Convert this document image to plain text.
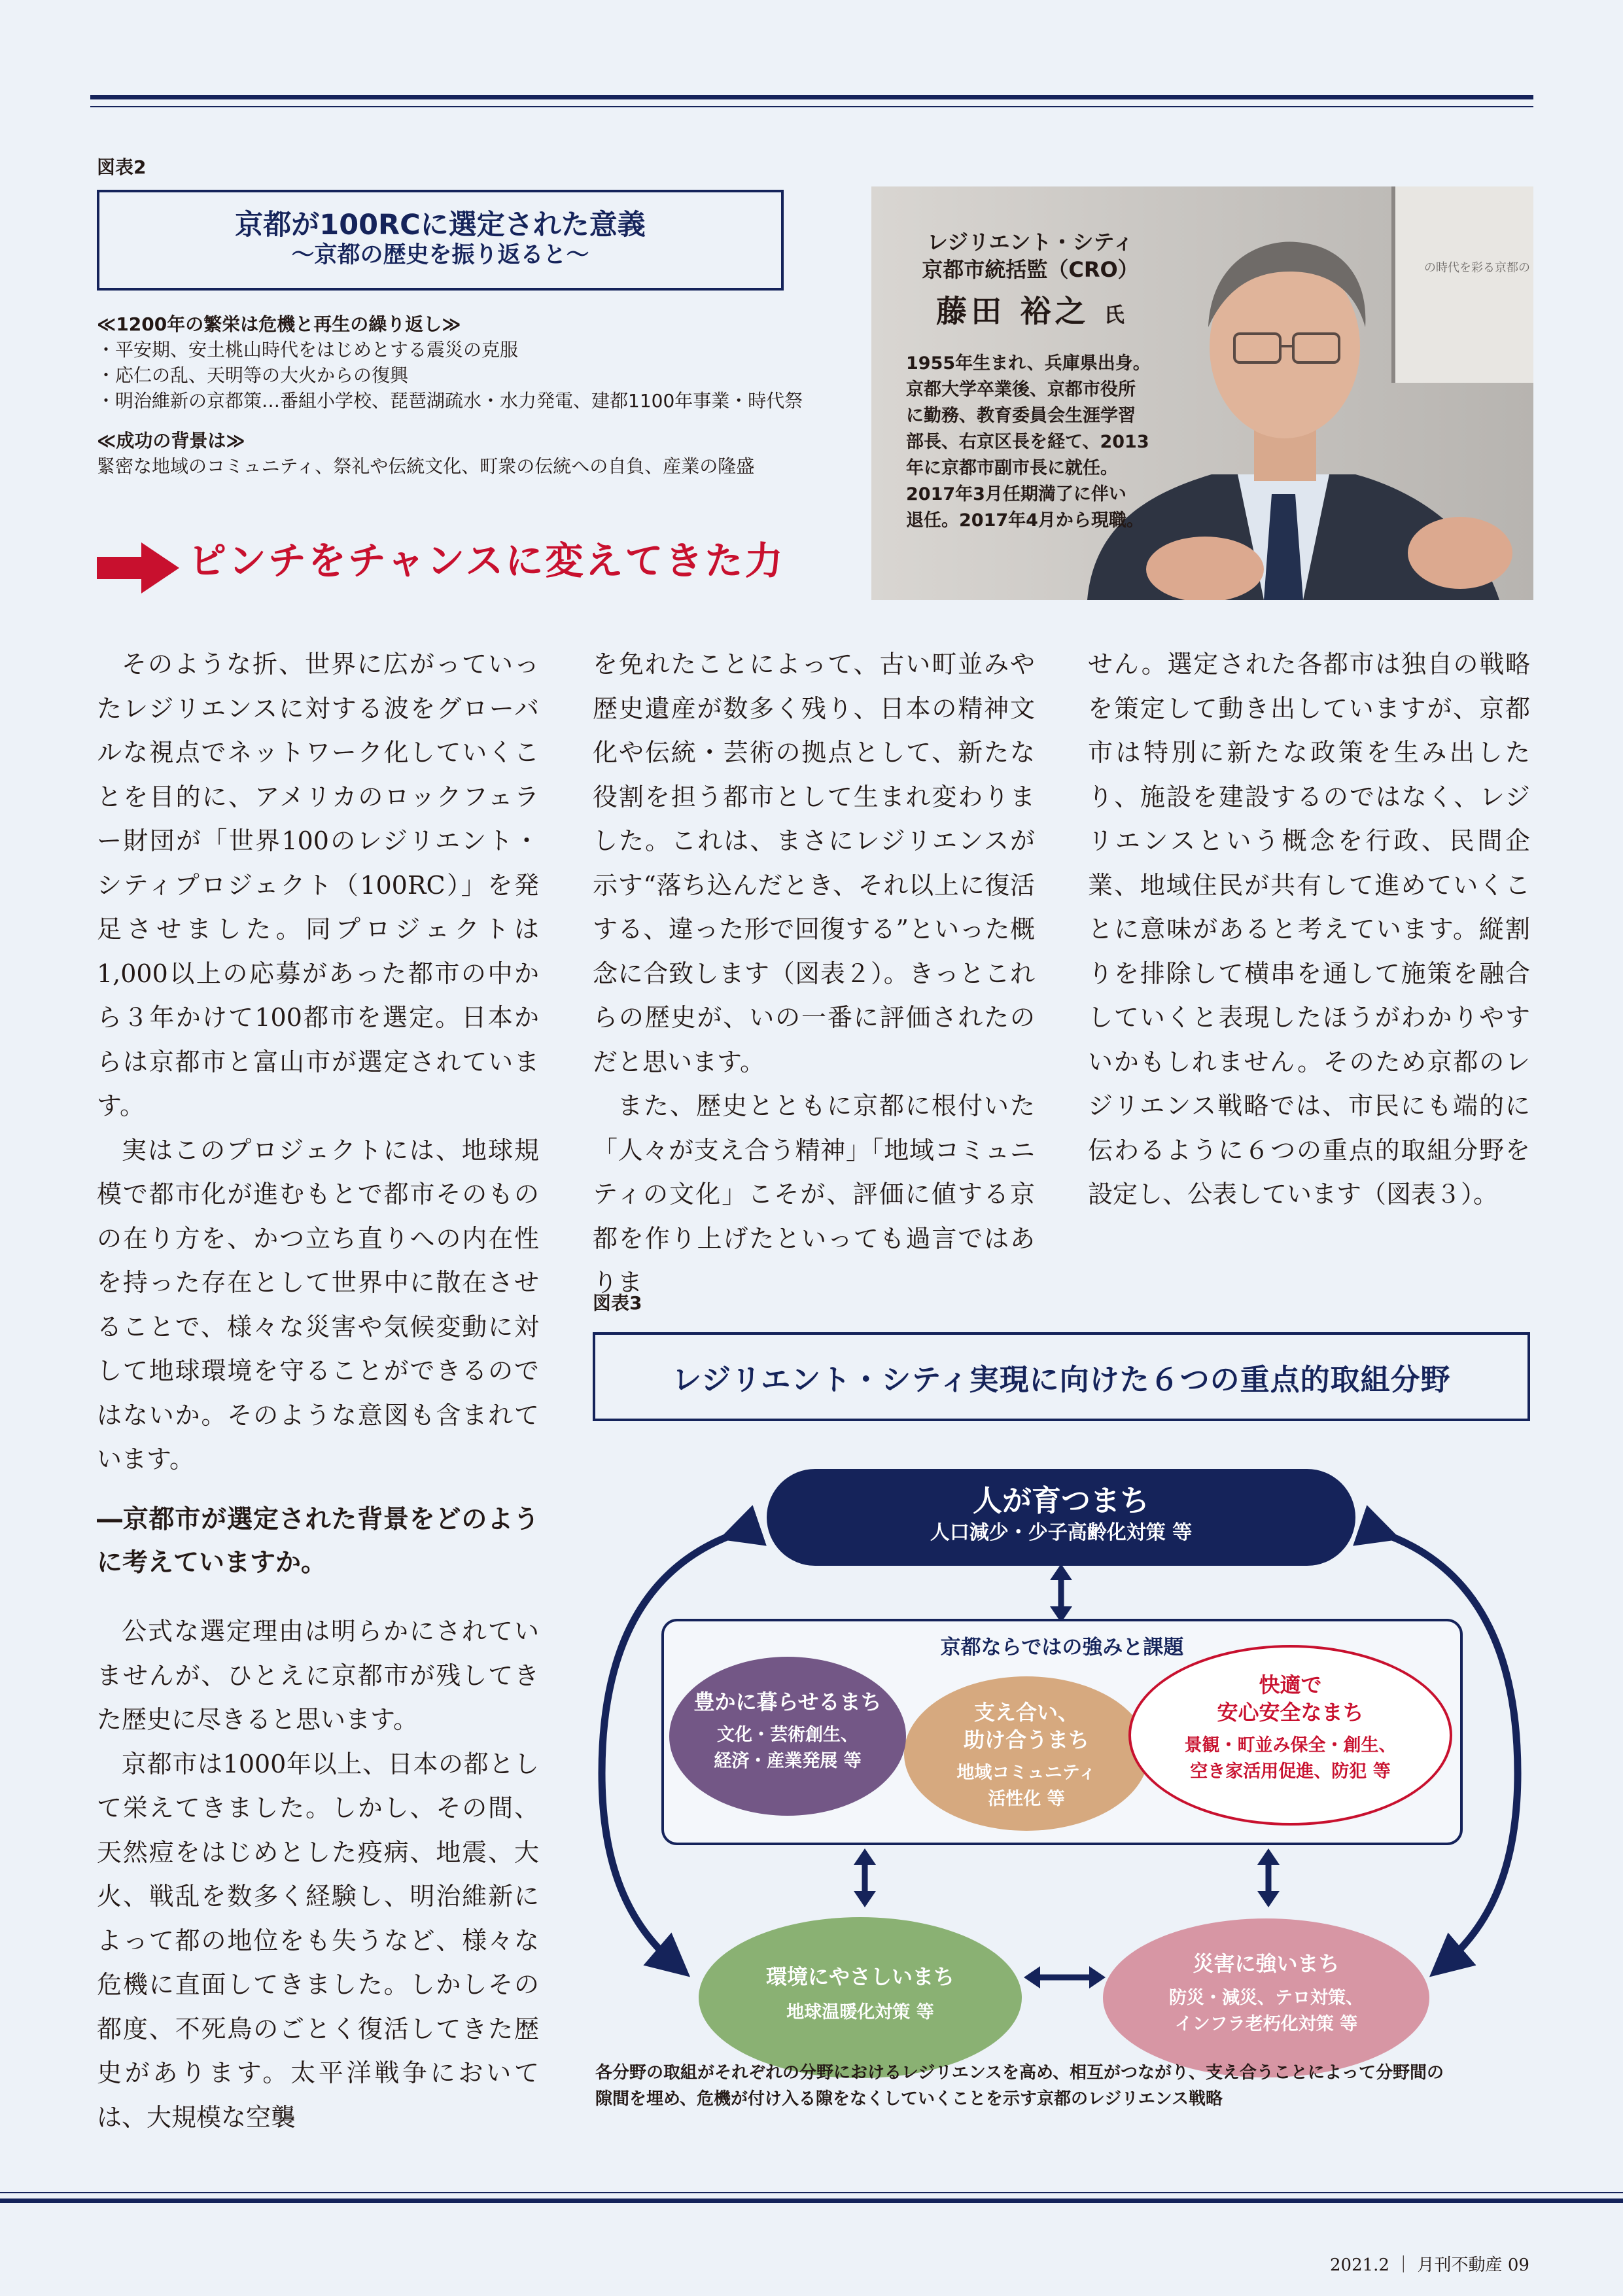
図表2
京都が100RCに選定された意義
～京都の歴史を振り返ると～
≪1200年の繁栄は危機と再生の繰り返し≫
・平安期、安土桃山時代をはじめとする震災の克服
・応仁の乱、天明等の大火からの復興
・明治維新の京都策…番組小学校、琵琶湖疏水・水力発電、建都1100年事業・時代祭
≪成功の背景は≫
緊密な地域のコミュニティ、祭礼や伝統文化、町衆の伝統への自負、産業の隆盛
ピンチをチャンスに変えてきた力
の時代を彩る京都の
レジリエント・シティ
京都市統括監（CRO）
藤田 裕之 氏
1955年生まれ、兵庫県出身。
京都大学卒業後、京都市役所
に勤務、教育委員会生涯学習
部長、右京区長を経て、2013
年に京都市副市長に就任。
2017年3月任期満了に伴い
退任。2017年4月から現職。

そのような折、世界に広がっていったレジリエンスに対する波をグローバルな視点でネットワーク化していくことを目的に、アメリカのロックフェラー財団が「世界100のレジリエント・シティプロジェクト（100RC）」を発足させました。同プロジェクトは1,000以上の応募があった都市の中から３年かけて100都市を選定。日本からは京都市と富山市が選定されています。

実はこのプロジェクトには、地球規模で都市化が進むもとで都市そのものの在り方を、かつ立ち直りへの内在性を持った存在として世界中に散在させることで、様々な災害や気候変動に対して地球環境を守ることができるのではないか。そのような意図も含まれています。

―京都市が選定された背景をどのように考えていますか。

公式な選定理由は明らかにされていませんが、ひとえに京都市が残してきた歴史に尽きると思います。

京都市は1000年以上、日本の都として栄えてきました。しかし、その間、天然痘をはじめとした疫病、地震、大火、戦乱を数多く経験し、明治維新によって都の地位をも失うなど、様々な危機に直面してきました。しかしその都度、不死鳥のごとく復活してきた歴史があります。太平洋戦争においては、大規模な空襲

を免れたことによって、古い町並みや歴史遺産が数多く残り、日本の精神文化や伝統・芸術の拠点として、新たな役割を担う都市として生まれ変わりました。これは、まさにレジリエンスが示す“落ち込んだとき、それ以上に復活する、違った形で回復する”といった概念に合致します（図表２）。きっとこれらの歴史が、いの一番に評価されたのだと思います。

また、歴史とともに京都に根付いた「人々が支え合う精神」「地域コミュニティの文化」こそが、評価に値する京都を作り上げたといっても過言ではありま

せん。選定された各都市は独自の戦略を策定して動き出していますが、京都市は特別に新たな政策を生み出したり、施設を建設するのではなく、レジリエンスという概念を行政、民間企業、地域住民が共有して進めていくことに意味があると考えています。縦割りを排除して横串を通して施策を融合していくと表現したほうがわかりやすいかもしれません。そのため京都のレジリエンス戦略では、市民にも端的に伝わるように６つの重点的取組分野を設定し、公表しています（図表３）。

図表3
レジリエント・シティ実現に向けた６つの重点的取組分野
人が育つまち
人口減少・少子高齢化対策 等
京都ならではの強みと課題
支え合い、
助け合うまち
地域コミュニティ
活性化 等
豊かに暮らせるまち
文化・芸術創生、
経済・産業発展 等
快適で
安心安全なまち
景観・町並み保全・創生、
空き家活用促進、防犯 等
環境にやさしいまち
地球温暖化対策 等
災害に強いまち
防災・減災、テロ対策、
インフラ老朽化対策 等
各分野の取組がそれぞれの分野におけるレジリエンスを高め、相互がつながり、支え合うことによって分野間の
隙間を埋め、危機が付け入る隙をなくしていくことを示す京都のレジリエンス戦略
2021.2 ｜ 月刊不動産 09
